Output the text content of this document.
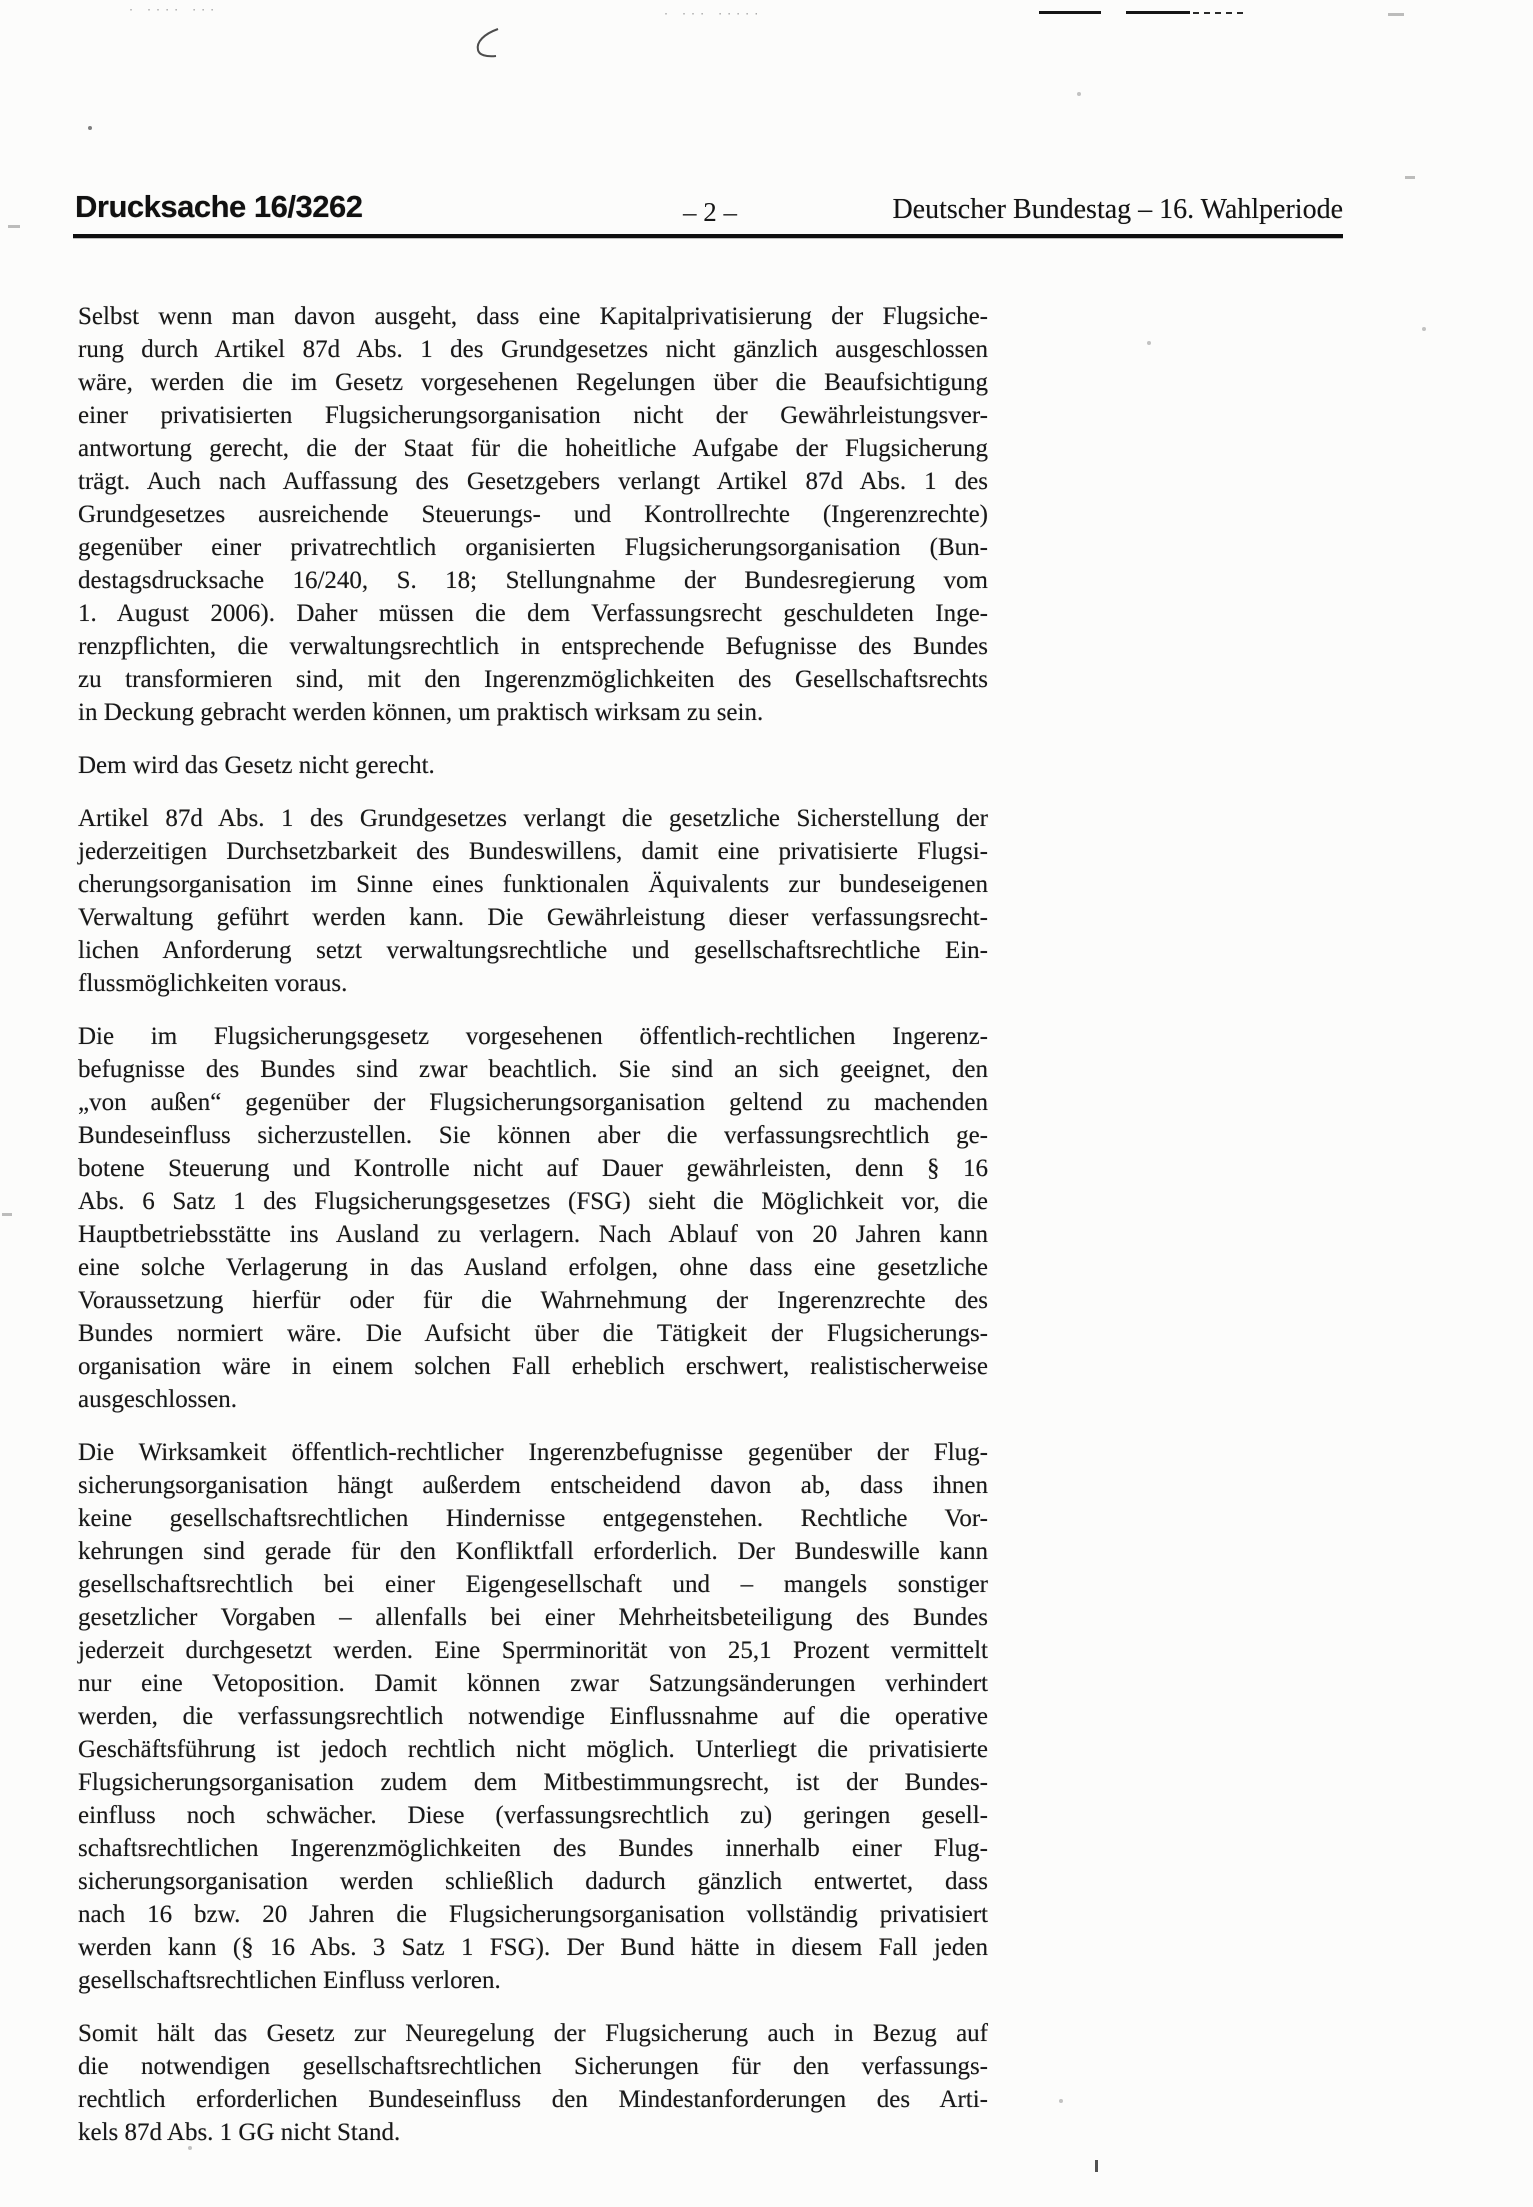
Drucksache 16/3262	– 2 –	Deutscher Bundestag – 16. Wahlperiode
Selbst wenn man davon ausgeht, dass eine Kapitalprivatisierung der Flugsiche-
rung durch Artikel 87d Abs. 1 des Grundgesetzes nicht gänzlich ausgeschlossen
wäre, werden die im Gesetz vorgesehenen Regelungen über die Beaufsichtigung
einer privatisierten Flugsicherungsorganisation nicht der Gewährleistungsver-
antwortung gerecht, die der Staat für die hoheitliche Aufgabe der Flugsicherung
trägt. Auch nach Auffassung des Gesetzgebers verlangt Artikel 87d Abs. 1 des
Grundgesetzes ausreichende Steuerungs- und Kontrollrechte (Ingerenzrechte)
gegenüber einer privatrechtlich organisierten Flugsicherungsorganisation (Bun-
destagsdrucksache 16/240, S. 18; Stellungnahme der Bundesregierung vom
1. August 2006). Daher müssen die dem Verfassungsrecht geschuldeten Inge-
renzpflichten, die verwaltungsrechtlich in entsprechende Befugnisse des Bundes
zu transformieren sind, mit den Ingerenzmöglichkeiten des Gesellschaftsrechts
in Deckung gebracht werden können, um praktisch wirksam zu sein.
Dem wird das Gesetz nicht gerecht.
Artikel 87d Abs. 1 des Grundgesetzes verlangt die gesetzliche Sicherstellung der
jederzeitigen Durchsetzbarkeit des Bundeswillens, damit eine privatisierte Flugsi-
cherungsorganisation im Sinne eines funktionalen Äquivalents zur bundeseigenen
Verwaltung geführt werden kann. Die Gewährleistung dieser verfassungsrecht-
lichen Anforderung setzt verwaltungsrechtliche und gesellschaftsrechtliche Ein-
flussmöglichkeiten voraus.
Die im Flugsicherungsgesetz vorgesehenen öffentlich-rechtlichen Ingerenz-
befugnisse des Bundes sind zwar beachtlich. Sie sind an sich geeignet, den
„von außen“ gegenüber der Flugsicherungsorganisation geltend zu machenden
Bundeseinfluss sicherzustellen. Sie können aber die verfassungsrechtlich ge-
botene Steuerung und Kontrolle nicht auf Dauer gewährleisten, denn § 16
Abs. 6 Satz 1 des Flugsicherungsgesetzes (FSG) sieht die Möglichkeit vor, die
Hauptbetriebsstätte ins Ausland zu verlagern. Nach Ablauf von 20 Jahren kann
eine solche Verlagerung in das Ausland erfolgen, ohne dass eine gesetzliche
Voraussetzung hierfür oder für die Wahrnehmung der Ingerenzrechte des
Bundes normiert wäre. Die Aufsicht über die Tätigkeit der Flugsicherungs-
organisation wäre in einem solchen Fall erheblich erschwert, realistischerweise
ausgeschlossen.
Die Wirksamkeit öffentlich-rechtlicher Ingerenzbefugnisse gegenüber der Flug-
sicherungsorganisation hängt außerdem entscheidend davon ab, dass ihnen
keine gesellschaftsrechtlichen Hindernisse entgegenstehen. Rechtliche Vor-
kehrungen sind gerade für den Konfliktfall erforderlich. Der Bundeswille kann
gesellschaftsrechtlich bei einer Eigengesellschaft und – mangels sonstiger
gesetzlicher Vorgaben – allenfalls bei einer Mehrheitsbeteiligung des Bundes
jederzeit durchgesetzt werden. Eine Sperrminorität von 25,1 Prozent vermittelt
nur eine Vetoposition. Damit können zwar Satzungsänderungen verhindert
werden, die verfassungsrechtlich notwendige Einflussnahme auf die operative
Geschäftsführung ist jedoch rechtlich nicht möglich. Unterliegt die privatisierte
Flugsicherungsorganisation zudem dem Mitbestimmungsrecht, ist der Bundes-
einfluss noch schwächer. Diese (verfassungsrechtlich zu) geringen gesell-
schaftsrechtlichen Ingerenzmöglichkeiten des Bundes innerhalb einer Flug-
sicherungsorganisation werden schließlich dadurch gänzlich entwertet, dass
nach 16 bzw. 20 Jahren die Flugsicherungsorganisation vollständig privatisiert
werden kann (§ 16 Abs. 3 Satz 1 FSG). Der Bund hätte in diesem Fall jeden
gesellschaftsrechtlichen Einfluss verloren.
Somit hält das Gesetz zur Neuregelung der Flugsicherung auch in Bezug auf
die notwendigen gesellschaftsrechtlichen Sicherungen für den verfassungs-
rechtlich erforderlichen Bundeseinfluss den Mindestanforderungen des Arti-
kels 87d Abs. 1 GG nicht Stand.
· ···· ···	· ··· ·····
